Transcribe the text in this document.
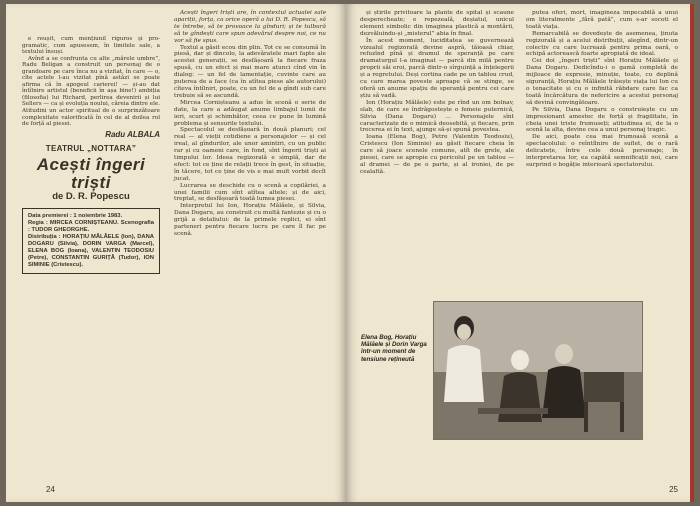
e reușit, cum mențiunil riguros și pro-gramatic, cum apusesem, în limitele sale, a textului însuși.

Avînd a se confrunta cu alte „mărele umbre”, Radu Beligan a construit un personaj de o grandoare pe care înca nu a vizitat, în care — o, cîte actele l-au vizitat pînă astăzi se poate afirma că în apogeul carierei! — și-au dat întîlnire artistul (beneficii în așa bine!) ambiția (filosofia) lui Richard, perlirea devenirii și lui Sellers — ca și evoluția noului, căreia dintre ele. Atitudini un actor spiritual de o surprinzătoare complexitate valorificată în cel de al doilea rol de forță al piesei.

Radu ALBALA
TEATRUL „NOTTARA”
Acești îngeri triști
de D. R. Popescu
Data premierei : 1 noiembrie 1983.
Regia : MIRCEA CORNIȘTEANU. Scenografia : TUDOR GHEORGHE.
Distribuția : HORAȚIU MĂLĂELE (Ion), DANA DOGARU (Silvia), DORIN VARGA (Marcel), ELENA BOG (Ioana), VALENTIN TEODOSIU (Petre), CONSTANTIN GURIȚĂ (Tudor), ION SIMINIE (Cristescu).

Acești îngeri triști are, în contextul actualei sale apariții, forța, ca orice operă a lui D. R. Popescu, să te întrebe, să te provoace la gînduri; și te tulbură să te gîndești care spun adevărul despre noi, ce nu vor să fie spus.

Textul a găsit ecou din plin. Tot ce se consumă în piesă, dar și dincolo, la adevăratele mari fapte ale acestei generații, se desfășoară la fiecare fraza spusă, cu un efect și mai mare atunci cînd vin în dialog: — un fel de lamentație, cuvinte care au puterea de a face (ca în atîtea piese ale autorului) cîteva întîlniri, poate, cu un fel de a gîndi sub care trebuie să se ascundă.

Mircea Cornișteanu a adus în scenă o serie de date, la care a adăugat anume limbajul lumii de ieri, scurt și schimbător, ceea ce pune în lumină problema și sensurile textului.

Spectacolul se desfășoară în două planuri; cel real — al vieții cotidiene a personajelor — și cel ireal, al gîndurilor, ale unor amintiri, cu un public rar și cu oameni care, în fond, sînt îngerii triști ai timpului lor. Ideea regizorală e simplă, dar de efect: tot ce ține de relații trece în gest, în situație, în tăcere, tot ce ține de vis e mai mult vorbit decît jucat.

Lucrarea se deschide cu o scenă a copilăriei, a unei familii cum sînt atîtea altele; și de aici, treptat, se desfășoară toată lumea piesei.

Interpretul lui Ion, Horațiu Mălăele, și Silvia, Dana Dogaru, au construit cu multă fantezie și cu o grijă a detaliului: de la primele replici, ei sînt parteneri pentru fiecare lucru pe care îl fac pe scenă.

24

și știrile privitoare la plante de spital și scaune desperecheate; e repezeală, deșiatul, unicul element simbolic din imaginea plastică a montării, dezvăluindu-și „misterul” abia în final.

În acest moment, luciditatea se guvernează vizualul regizorală devine aspră, tăioasă chiar, refuzînd pînă și dramul de speranță pe care dramaturgul l-a imaginat — parcă din milă pentru proprii săi eroi, parcă dintr-o sîrguință a înțelegerii și a regretului. Deși cortina cade pe un tablou crud, cu care marea poveste aproape că se stinge, se oferă un anume spațiu de speranță pentru cei care știu să vadă.

Ion (Horațiu Mălăele) este pe rînd un om bolnav, slab, de care se îndrăgostește o femeie puternică, Silvia (Dana Dogaru) ... Personajele sînt caracterizate de o mimică deosebită, și fiecare, prin trecerea ei în text, ajunge să-și spună povestea.

Ioana (Elena Bog), Petre (Valentin Teodosiu), Cristescu (Ion Siminie) au găsit fiecare cheia în care să joace scenele comune, atît de grele, ale piesei, care se apropie cu pericolul pe un tablou — al dramei — de pe o parte, și al ironiei, de pe cealaltă.

putea oferi, mort, imagineza impecabilă a unui om literalmente „fără pată”, cum s-ar socoti el toată viața.

Remarcabilă se dovedește de asemenea, ținuta regizorală și a acelui distribuții, alegînd, dintr-un colectiv cu care lucrează pentru prima oară, o echipă actorească foarte apropiată de ideal.

Cei doi „îngeri triști” sînt Horațiu Mălăele și Dana Dogaru. Dedicîndu-i o gamă completă de mijloace de expresie, minuție, toate, cu deplină siguranță, Horațiu Mălăele trăiește viața lui Ion cu o tenacitate și cu o infinită răbdare care fac ca toată încărcătura de nefericire a acestui personaj să devină convingătoare.

Pe Silvia, Dana Dogaru o construiește cu un impresionant amestec de forță și fragilitate, în cheia unei triste frumuseți; atitudinea ei, de la o scenă la alta, devine cea a unui personaj tragic.

De aici, poate cea mai frumoasă scenă a spectacolului: o reîntîlnire de suflet, de o rară delicatețe, între cele două personaje; în interpretarea lor, ea capătă semnificații noi, care surprind o bogăție interioară spectatorului.

Elena Bog, Horațiu Mălăele și Dorin Varga într-un moment de tensiune rețineută
25
